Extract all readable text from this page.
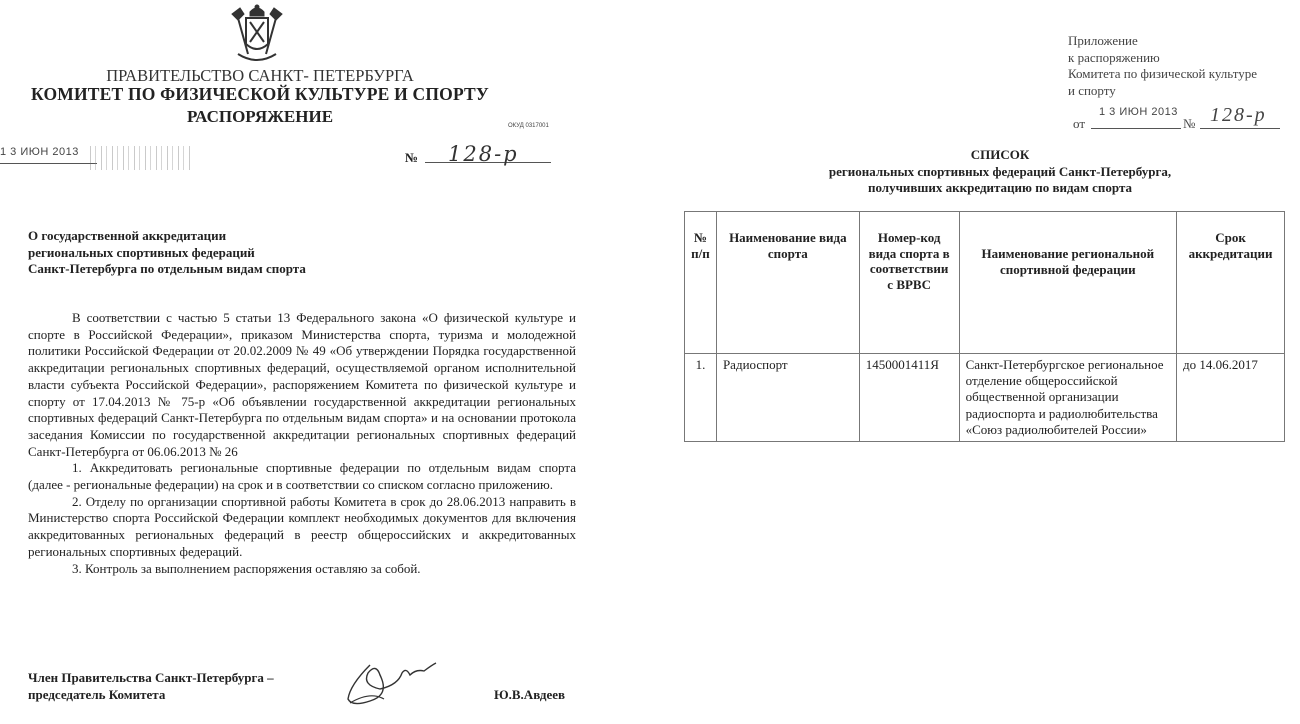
ПРАВИТЕЛЬСТВО САНКТ- ПЕТЕРБУРГА
КОМИТЕТ ПО ФИЗИЧЕСКОЙ КУЛЬТУРЕ И СПОРТУ
РАСПОРЯЖЕНИЕ	ОКУД 0317001
1 3 ИЮН 2013	№ 128-р
О государственной аккредитации
региональных спортивных федераций
Санкт-Петербурга по отдельным видам спорта

В соответствии с частью 5 статьи 13 Федерального закона «О физической культуре и спорте в Российской Федерации», приказом Министерства спорта, туризма и молодежной политики Российской Федерации от 20.02.2009 № 49 «Об утверждении Порядка государственной аккредитации региональных спортивных федераций, осуществляемой органом исполнительной власти субъекта Российской Федерации», распоряжением Комитета по физической культуре и спорту от 17.04.2013 № 75-р «Об объявлении государственной аккредитации региональных спортивных федераций Санкт-Петербурга по отдельным видам спорта» и на основании протокола заседания Комиссии по государственной аккредитации региональных спортивных федераций Санкт-Петербурга от 06.06.2013 № 26

1. Аккредитовать региональные спортивные федерации по отдельным видам спорта (далее - региональные федерации) на срок и в соответствии со списком согласно приложению.

2. Отделу по организации спортивной работы Комитета в срок до 28.06.2013 направить в Министерство спорта Российской Федерации комплект необходимых документов для включения аккредитованных региональных федераций в реестр общероссийских и аккредитованных региональных спортивных федераций.

3. Контроль за выполнением распоряжения оставляю за собой.

Член Правительства Санкт-Петербурга –
председатель Комитета	Ю.В.Авдеев
Приложение
к распоряжению
Комитета по физической культуре
и спорту
от
1 3 ИЮН 2013
№ 128-р
СПИСОК
региональных спортивных федераций Санкт-Петербурга,
получивших аккредитацию по видам спорта
№ п/п	Наименование вида спорта	Номер-код вида спорта в соответствии с ВРВС	Наименование региональной спортивной федерации	Срок аккредитации
1.	Радиоспорт	1450001411Я	Санкт-Петербургское региональное отделение общероссийской общественной организации радиоспорта и радиолюбительства «Союз радиолюбителей России»	до 14.06.2017
